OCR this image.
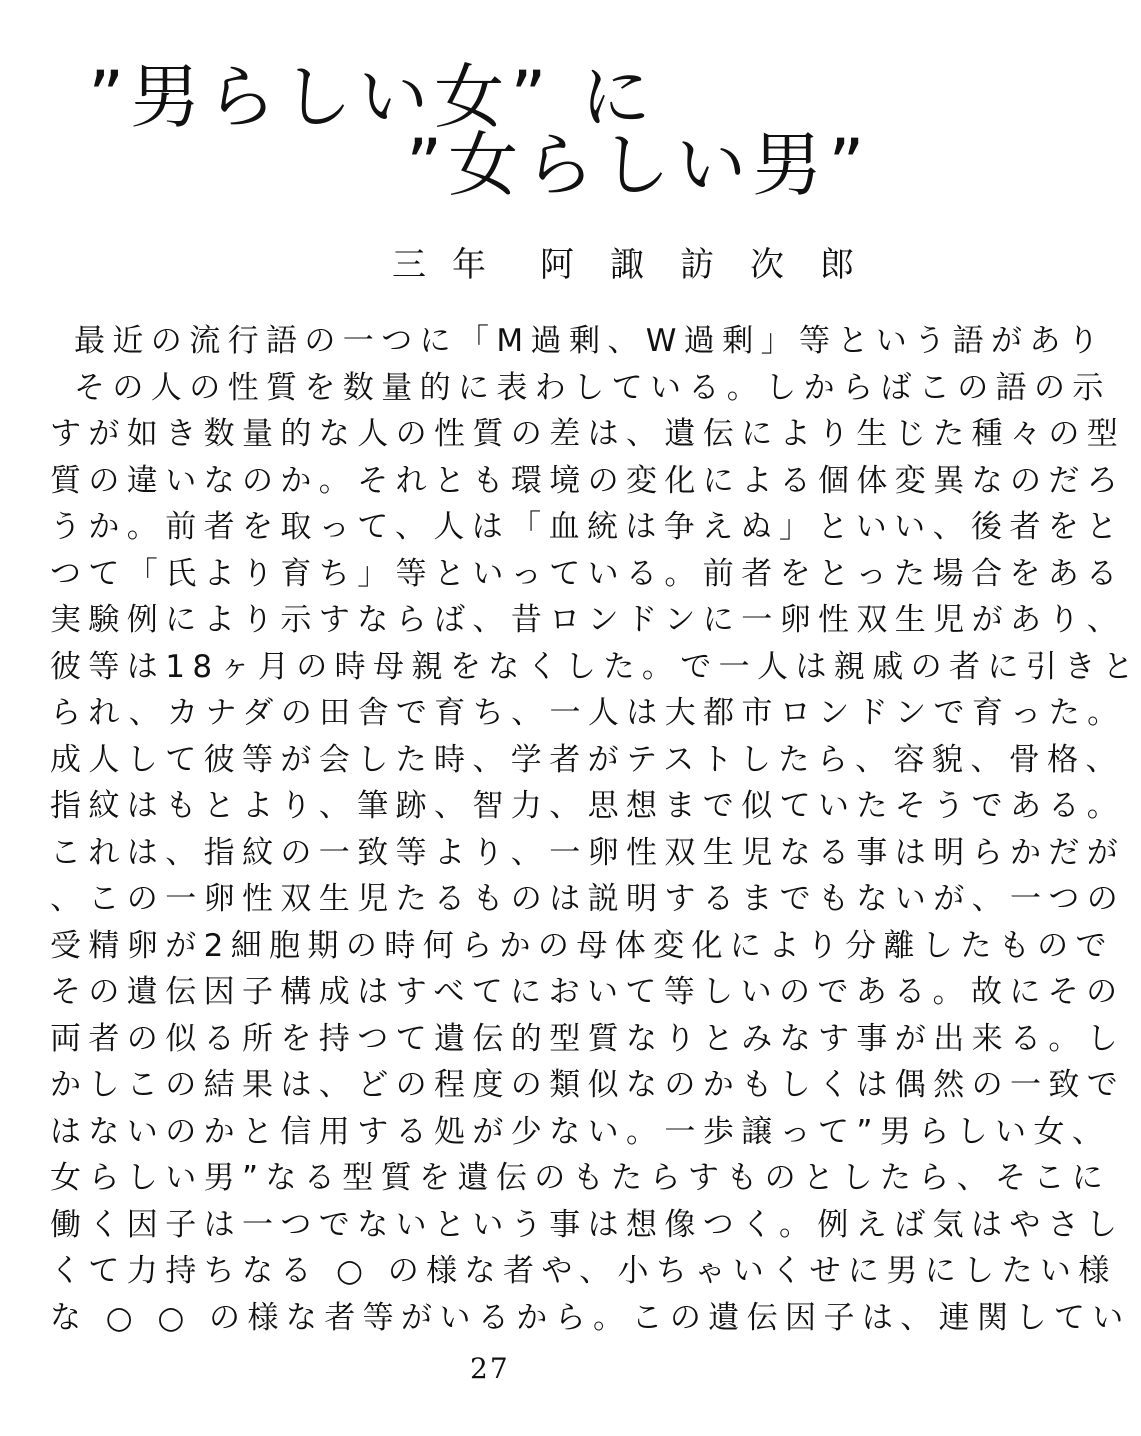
”男らしい女” に
”女らしい男”
三年 阿諏訪次郎
最近の流行語の一つに「M過剰、W過剰」等という語があり
その人の性質を数量的に表わしている。しからばこの語の示
すが如き数量的な人の性質の差は、遺伝により生じた種々の型
質の違いなのか。それとも環境の変化による個体変異なのだろ
うか。前者を取って、人は「血統は争えぬ」といい、後者をと
つて「氏より育ち」等といっている。前者をとった場合をある
実験例により示すならば、昔ロンドンに一卵性双生児があり、
彼等は18ヶ月の時母親をなくした。で一人は親戚の者に引きと
られ、カナダの田舎で育ち、一人は大都市ロンドンで育った。
成人して彼等が会した時、学者がテストしたら、容貌、骨格、
指紋はもとより、筆跡、智力、思想まで似ていたそうである。
これは、指紋の一致等より、一卵性双生児なる事は明らかだが
、この一卵性双生児たるものは説明するまでもないが、一つの
受精卵が2細胞期の時何らかの母体変化により分離したもので
その遺伝因子構成はすべてにおいて等しいのである。故にその
両者の似る所を持つて遺伝的型質なりとみなす事が出来る。し
かしこの結果は、どの程度の類似なのかもしくは偶然の一致で
はないのかと信用する処が少ない。一歩譲って”男らしい女、
女らしい男”なる型質を遺伝のもたらすものとしたら、そこに
働く因子は一つでないという事は想像つく。例えば気はやさし
くて力持ちなる ○ の様な者や、小ちゃいくせに男にしたい様
な ○ ○ の様な者等がいるから。この遺伝因子は、連関してい
27
